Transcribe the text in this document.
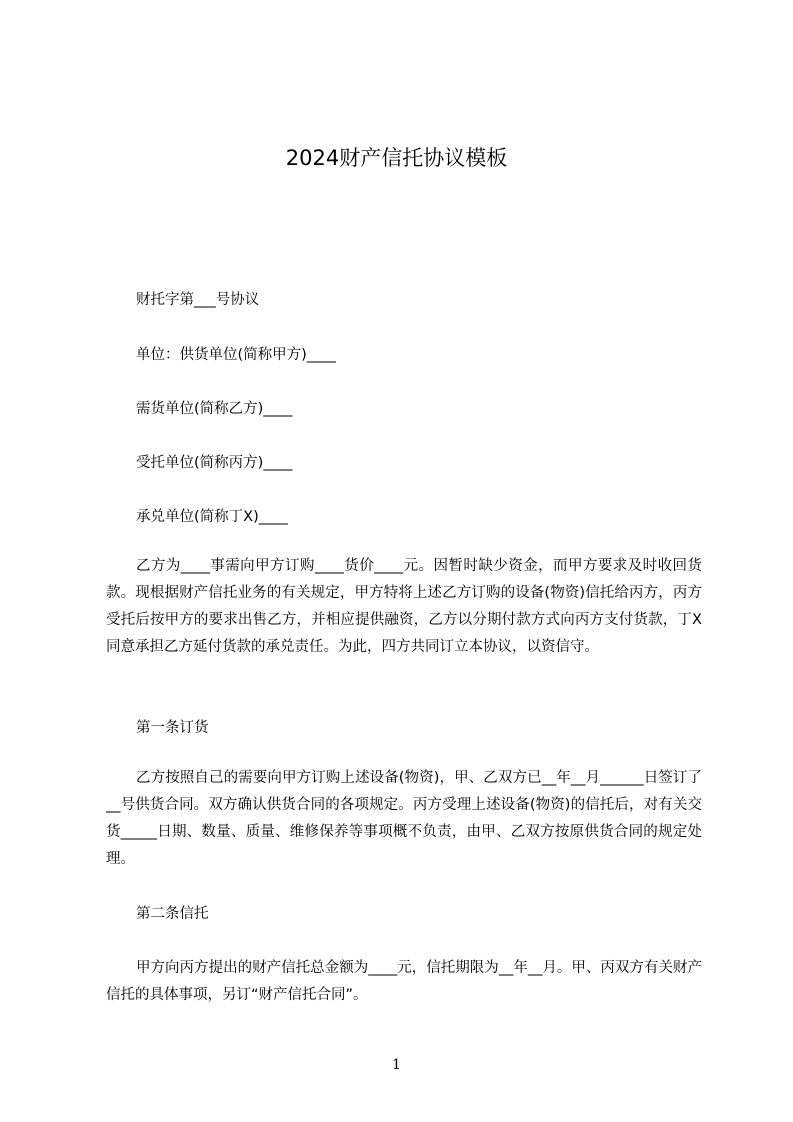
2024财产信托协议模板
财托字第___号协议
单位：供货单位(简称甲方)____
需货单位(简称乙方)____
受托单位(简称丙方)____
承兑单位(简称丁X)____
乙方为____事需向甲方订购____货价____元。因暂时缺少资金，而甲方要求及时收回货款。现根据财产信托业务的有关规定，甲方特将上述乙方订购的设备(物资)信托给丙方，丙方受托后按甲方的要求出售乙方，并相应提供融资，乙方以分期付款方式向丙方支付货款，丁X同意承担乙方延付货款的承兑责任。为此，四方共同订立本协议，以资信守。
第一条订货
乙方按照自己的需要向甲方订购上述设备(物资)，甲、乙双方已__年__月______日签订了__号供货合同。双方确认供货合同的各项规定。丙方受理上述设备(物资)的信托后，对有关交货_____日期、数量、质量、维修保养等事项概不负责，由甲、乙双方按原供货合同的规定处理。
第二条信托
甲方向丙方提出的财产信托总金额为____元，信托期限为__年__月。甲、丙双方有关财产信托的具体事项，另订“财产信托合同”。
1
